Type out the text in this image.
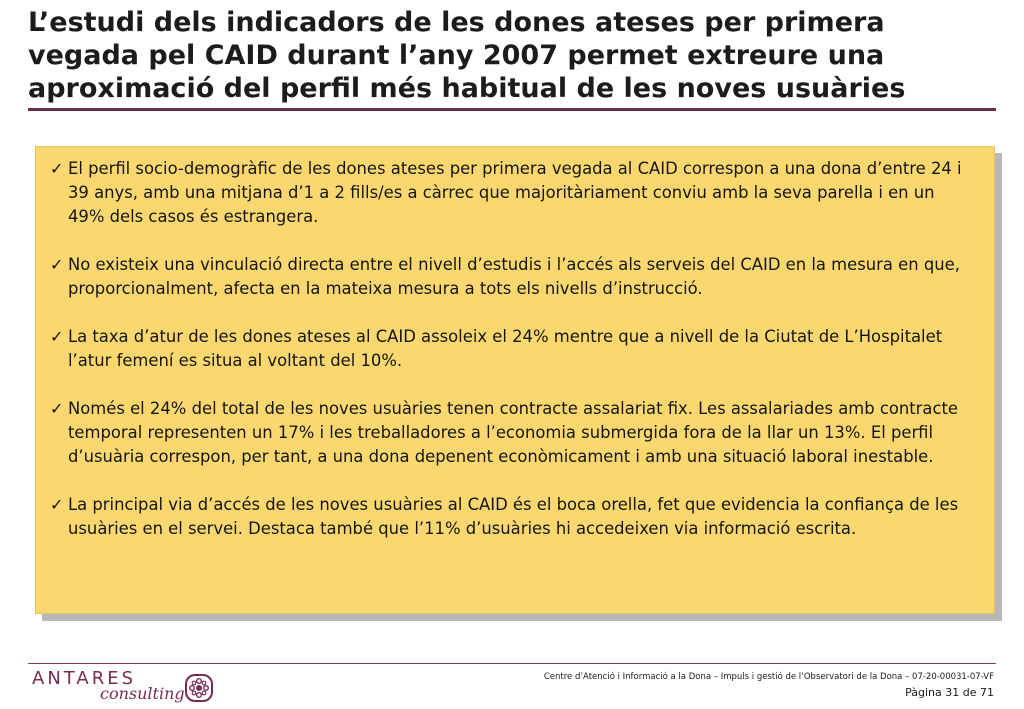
L’estudi dels indicadors de les dones ateses per primera
vegada pel CAID durant l’any 2007 permet extreure una
aproximació del perfil més habitual de les noves usuàries
✓ El perfil socio-demogràfic de les dones ateses per primera vegada al CAID correspon a una dona d’entre 24 i 39 anys, amb una mitjana d’1 a 2 fills/es a càrrec que majoritàriament conviu amb la seva parella i en un 49% dels casos és estrangera.
✓ No existeix una vinculació directa entre el nivell d’estudis i l’accés als serveis del CAID en la mesura en que, proporcionalment, afecta en la mateixa mesura a tots els nivells d’instrucció.
✓ La taxa d’atur de les dones ateses al CAID assoleix el 24% mentre que a nivell de la Ciutat de L’Hospitalet l’atur femení es situa al voltant del 10%.
✓ Només el 24% del total de les noves usuàries tenen contracte assalariat fix. Les assalariades amb contracte temporal representen un 17% i les treballadores a l’economia submergida fora de la llar un 13%. El perfil d’usuària correspon, per tant, a una dona depenent econòmicament i amb una situació laboral inestable.
✓ La principal via d’accés de les noves usuàries al CAID és el boca orella, fet que evidencia la confiança de les usuàries en el servei. Destaca també que l’11% d’usuàries hi accedeixen via informació escrita.
ANTARES
consulting
Centre d’Atenció i Informació a la Dona – Impuls i gestió de l’Observatori de la Dona – 07-20-00031-07-VF
Pàgina 31 de 71
